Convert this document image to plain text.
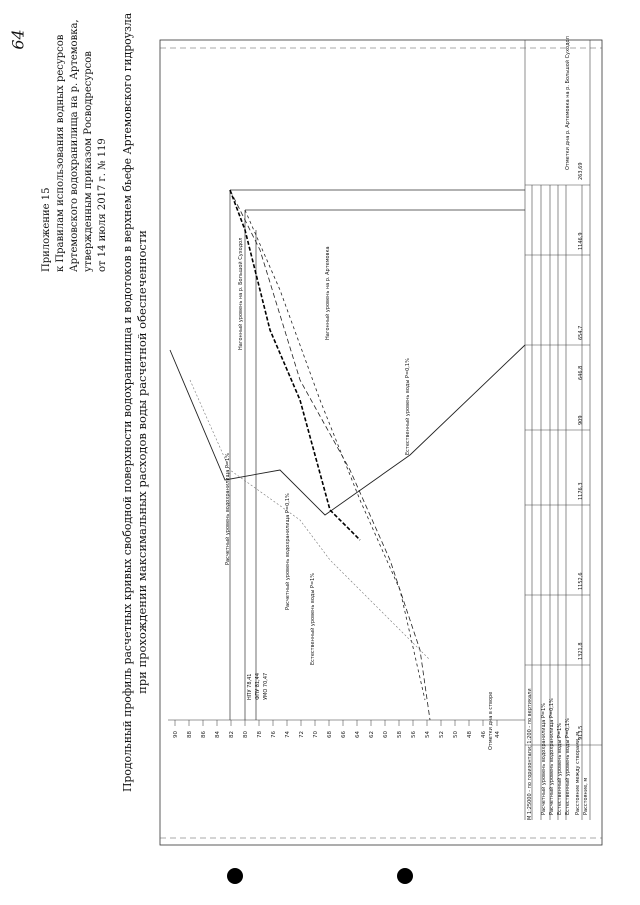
64
Приложение 15 к Правилам использования водных ресурсов Артемовского водохранилища на р. Артемовка, утвержденным приказом Росводресурсов от 14 июля 2017 г. № 119 Продольный профиль расчетных кривых свободной поверхности водохранилища и водотоков в верхнем бьефе Артемовского гидроузла при прохождении максимальных расходов воды расчетной обеспеченности
90 88 86 84 82 80 78 76 74 72 70 68 66 64 62 60 58 56 54 52 50 48 46 44
НПУ 78,41 ФПУ 81,44 УМО 70,47
Расчетный уровень водохранилища Р=1%	Расчетный уровень водохранилища Р=0,1%
Естественный уровень воды Р=1%
Естественный уровень воды Р=0,1%
Нагонный уровень на р. Большой Суходол	Нагонный уровень на р. Артемовка
Отметки дна в створе
Отметки дна р. Артемовка на р. Большой Суходол
М 1:25000 - по горизонтали; 1:200 - по вертикали Расчетный уровень водохранилища Р=1% Расчетный уровень водохранилища Р=0,1% Естественный уровень воды Р=1% Естественный уровень воды Р=0,1% Расстояние между створами, м Расстояние, м
913,5
1321,8
1152,6
1176,3
909
646,8
654,7
1146,9
263,69
